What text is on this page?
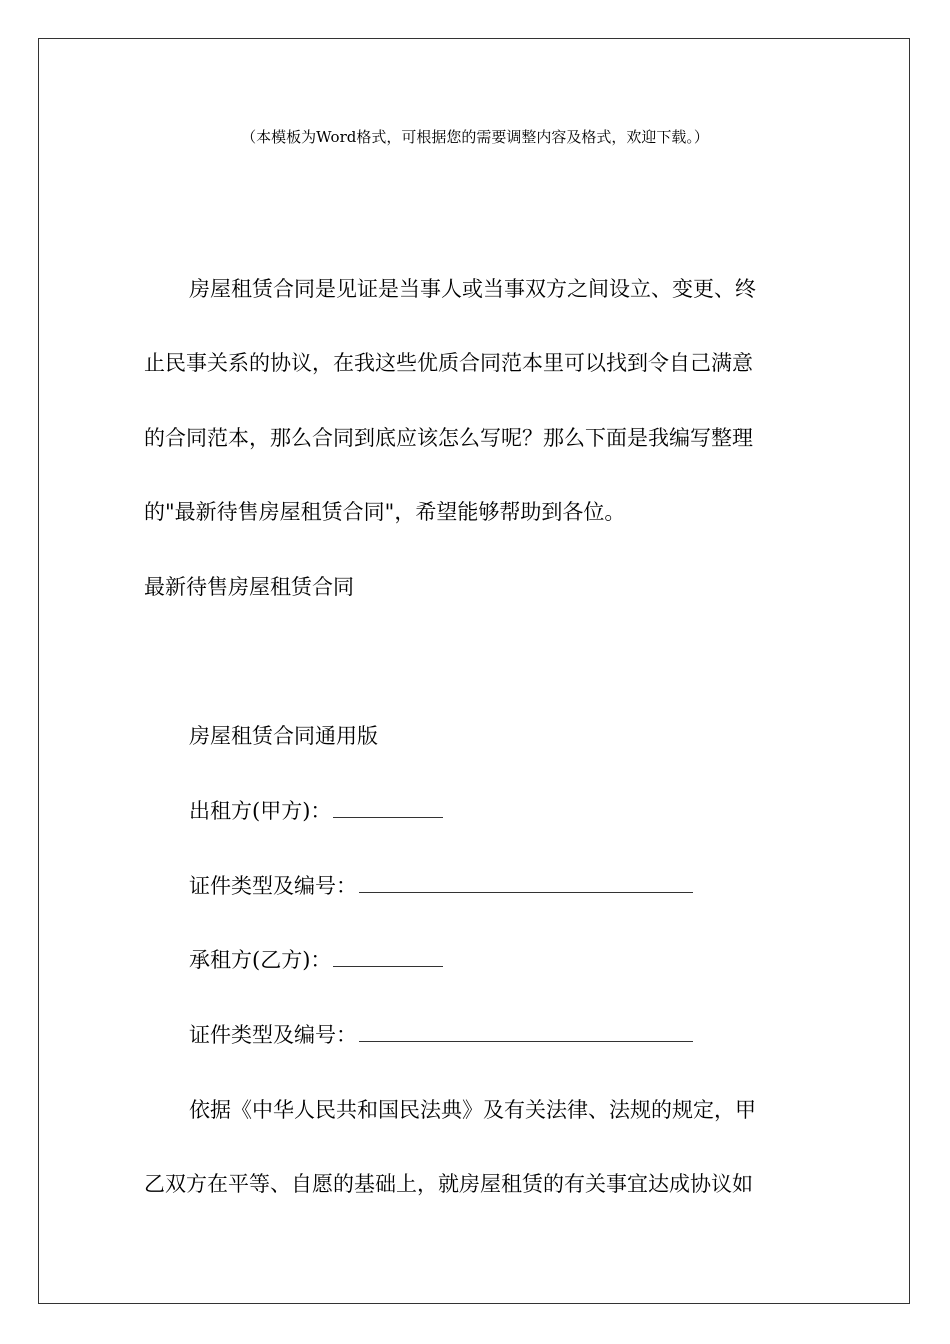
（本模板为Word格式，可根据您的需要调整内容及格式，欢迎下载。）
房屋租赁合同是见证是当事人或当事双方之间设立、变更、终
止民事关系的协议，在我这些优质合同范本里可以找到令自己满意
的合同范本，那么合同到底应该怎么写呢？那么下面是我编写整理
的"最新待售房屋租赁合同"，希望能够帮助到各位。
最新待售房屋租赁合同
房屋租赁合同通用版
出租方(甲方)：
证件类型及编号：
承租方(乙方)：
证件类型及编号：
依据《中华人民共和国民法典》及有关法律、法规的规定，甲
乙双方在平等、自愿的基础上，就房屋租赁的有关事宜达成协议如
